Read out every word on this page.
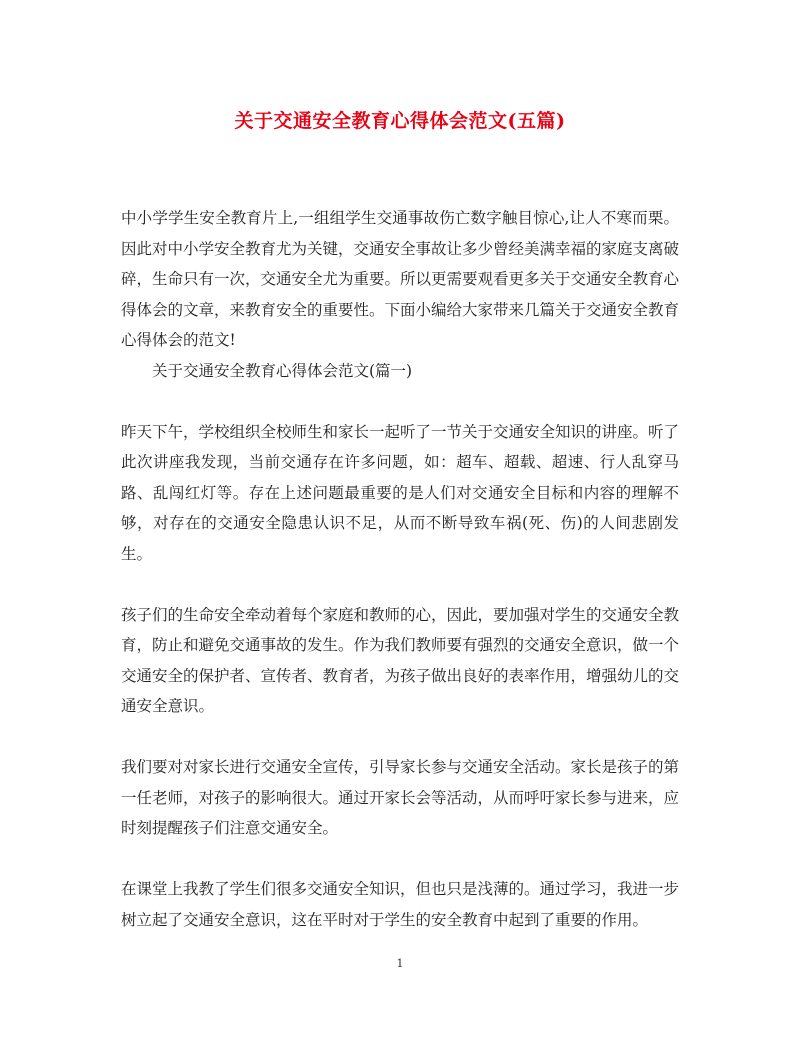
关于交通安全教育心得体会范文(五篇)

中小学学生安全教育片上,一组组学生交通事故伤亡数字触目惊心,让人不寒而栗。因此对中小学安全教育尤为关键，交通安全事故让多少曾经美满幸福的家庭支离破碎，生命只有一次，交通安全尤为重要。所以更需要观看更多关于交通安全教育心得体会的文章，来教育安全的重要性。下面小编给大家带来几篇关于交通安全教育心得体会的范文!

关于交通安全教育心得体会范文(篇一)

昨天下午，学校组织全校师生和家长一起听了一节关于交通安全知识的讲座。听了此次讲座我发现，当前交通存在许多问题，如：超车、超载、超速、行人乱穿马路、乱闯红灯等。存在上述问题最重要的是人们对交通安全目标和内容的理解不够，对存在的交通安全隐患认识不足，从而不断导致车祸(死、伤)的人间悲剧发生。

孩子们的生命安全牵动着每个家庭和教师的心，因此，要加强对学生的交通安全教育，防止和避免交通事故的发生。作为我们教师要有强烈的交通安全意识，做一个交通安全的保护者、宣传者、教育者，为孩子做出良好的表率作用，增强幼儿的交通安全意识。

我们要对对家长进行交通安全宣传，引导家长参与交通安全活动。家长是孩子的第一任老师，对孩子的影响很大。通过开家长会等活动，从而呼吁家长参与进来，应时刻提醒孩子们注意交通安全。

在课堂上我教了学生们很多交通安全知识，但也只是浅薄的。通过学习，我进一步树立起了交通安全意识，这在平时对于学生的安全教育中起到了重要的作用。

1
